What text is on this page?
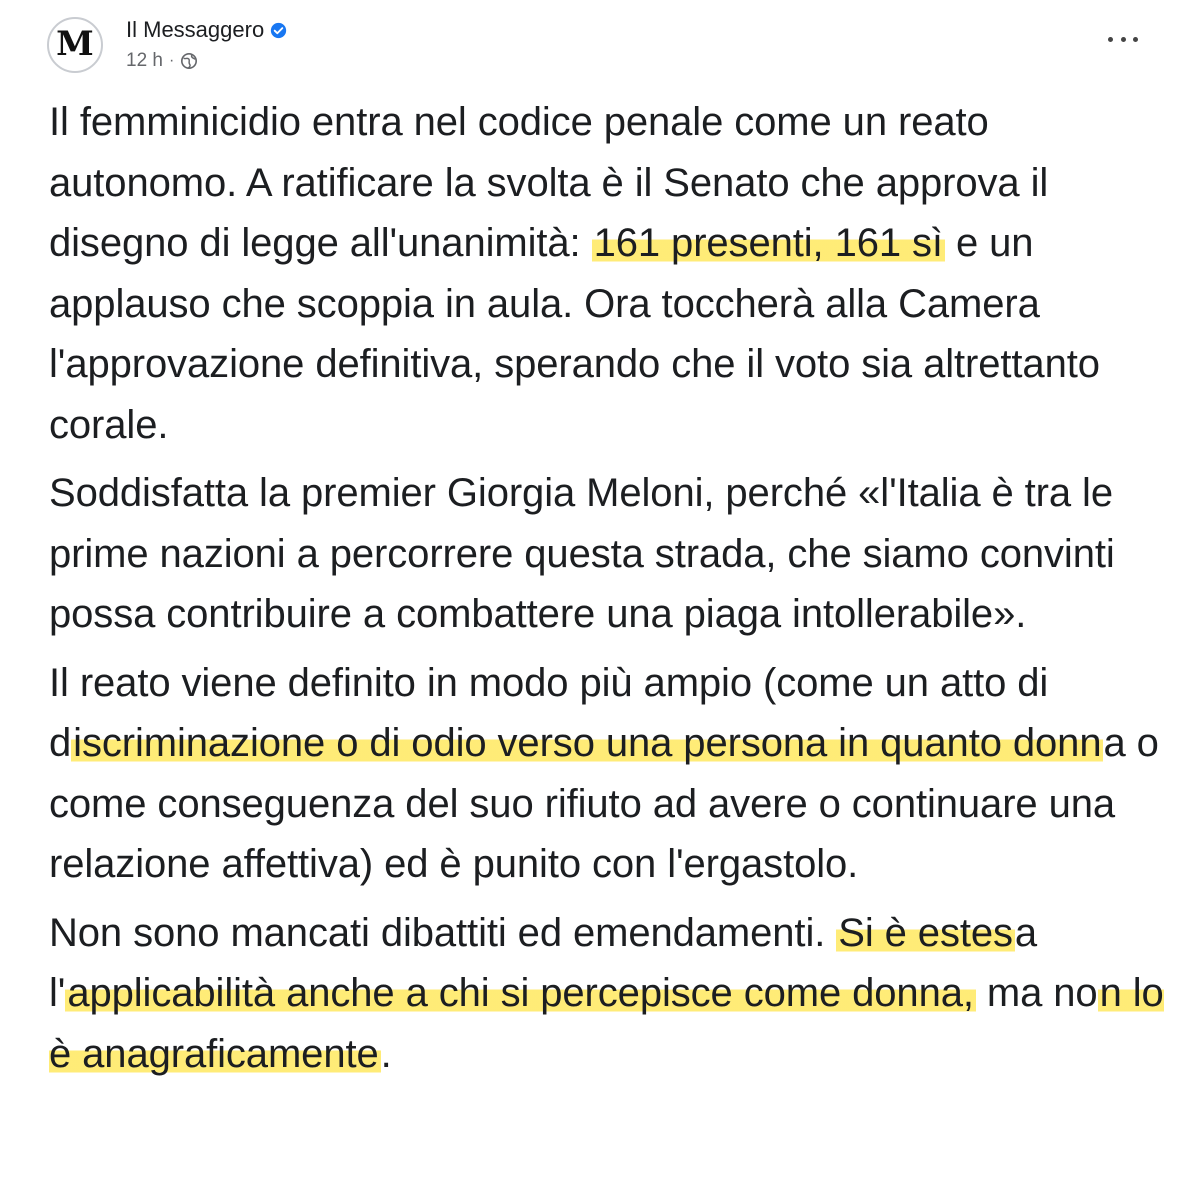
M Il Messaggero
12 h ·

Il femminicidio entra nel codice penale come un reato autonomo. A ratificare la svolta è il Senato che approva il disegno di legge all'unanimità: 161 presenti, 161 sì e un applauso che scoppia in aula. Ora toccherà alla Camera l'approvazione definitiva, sperando che il voto sia altrettanto corale.

Soddisfatta la premier Giorgia Meloni, perché «l'Italia è tra le prime nazioni a percorrere questa strada, che siamo convinti possa contribuire a combattere una piaga intollerabile».

Il reato viene definito in modo più ampio (come un atto di discriminazione o di odio verso una persona in quanto donna o come conseguenza del suo rifiuto ad avere o continuare una relazione affettiva) ed è punito con l'ergastolo.

Non sono mancati dibattiti ed emendamenti. Si è estesa l'applicabilità anche a chi si percepisce come donna, ma non lo è anagraficamente.
